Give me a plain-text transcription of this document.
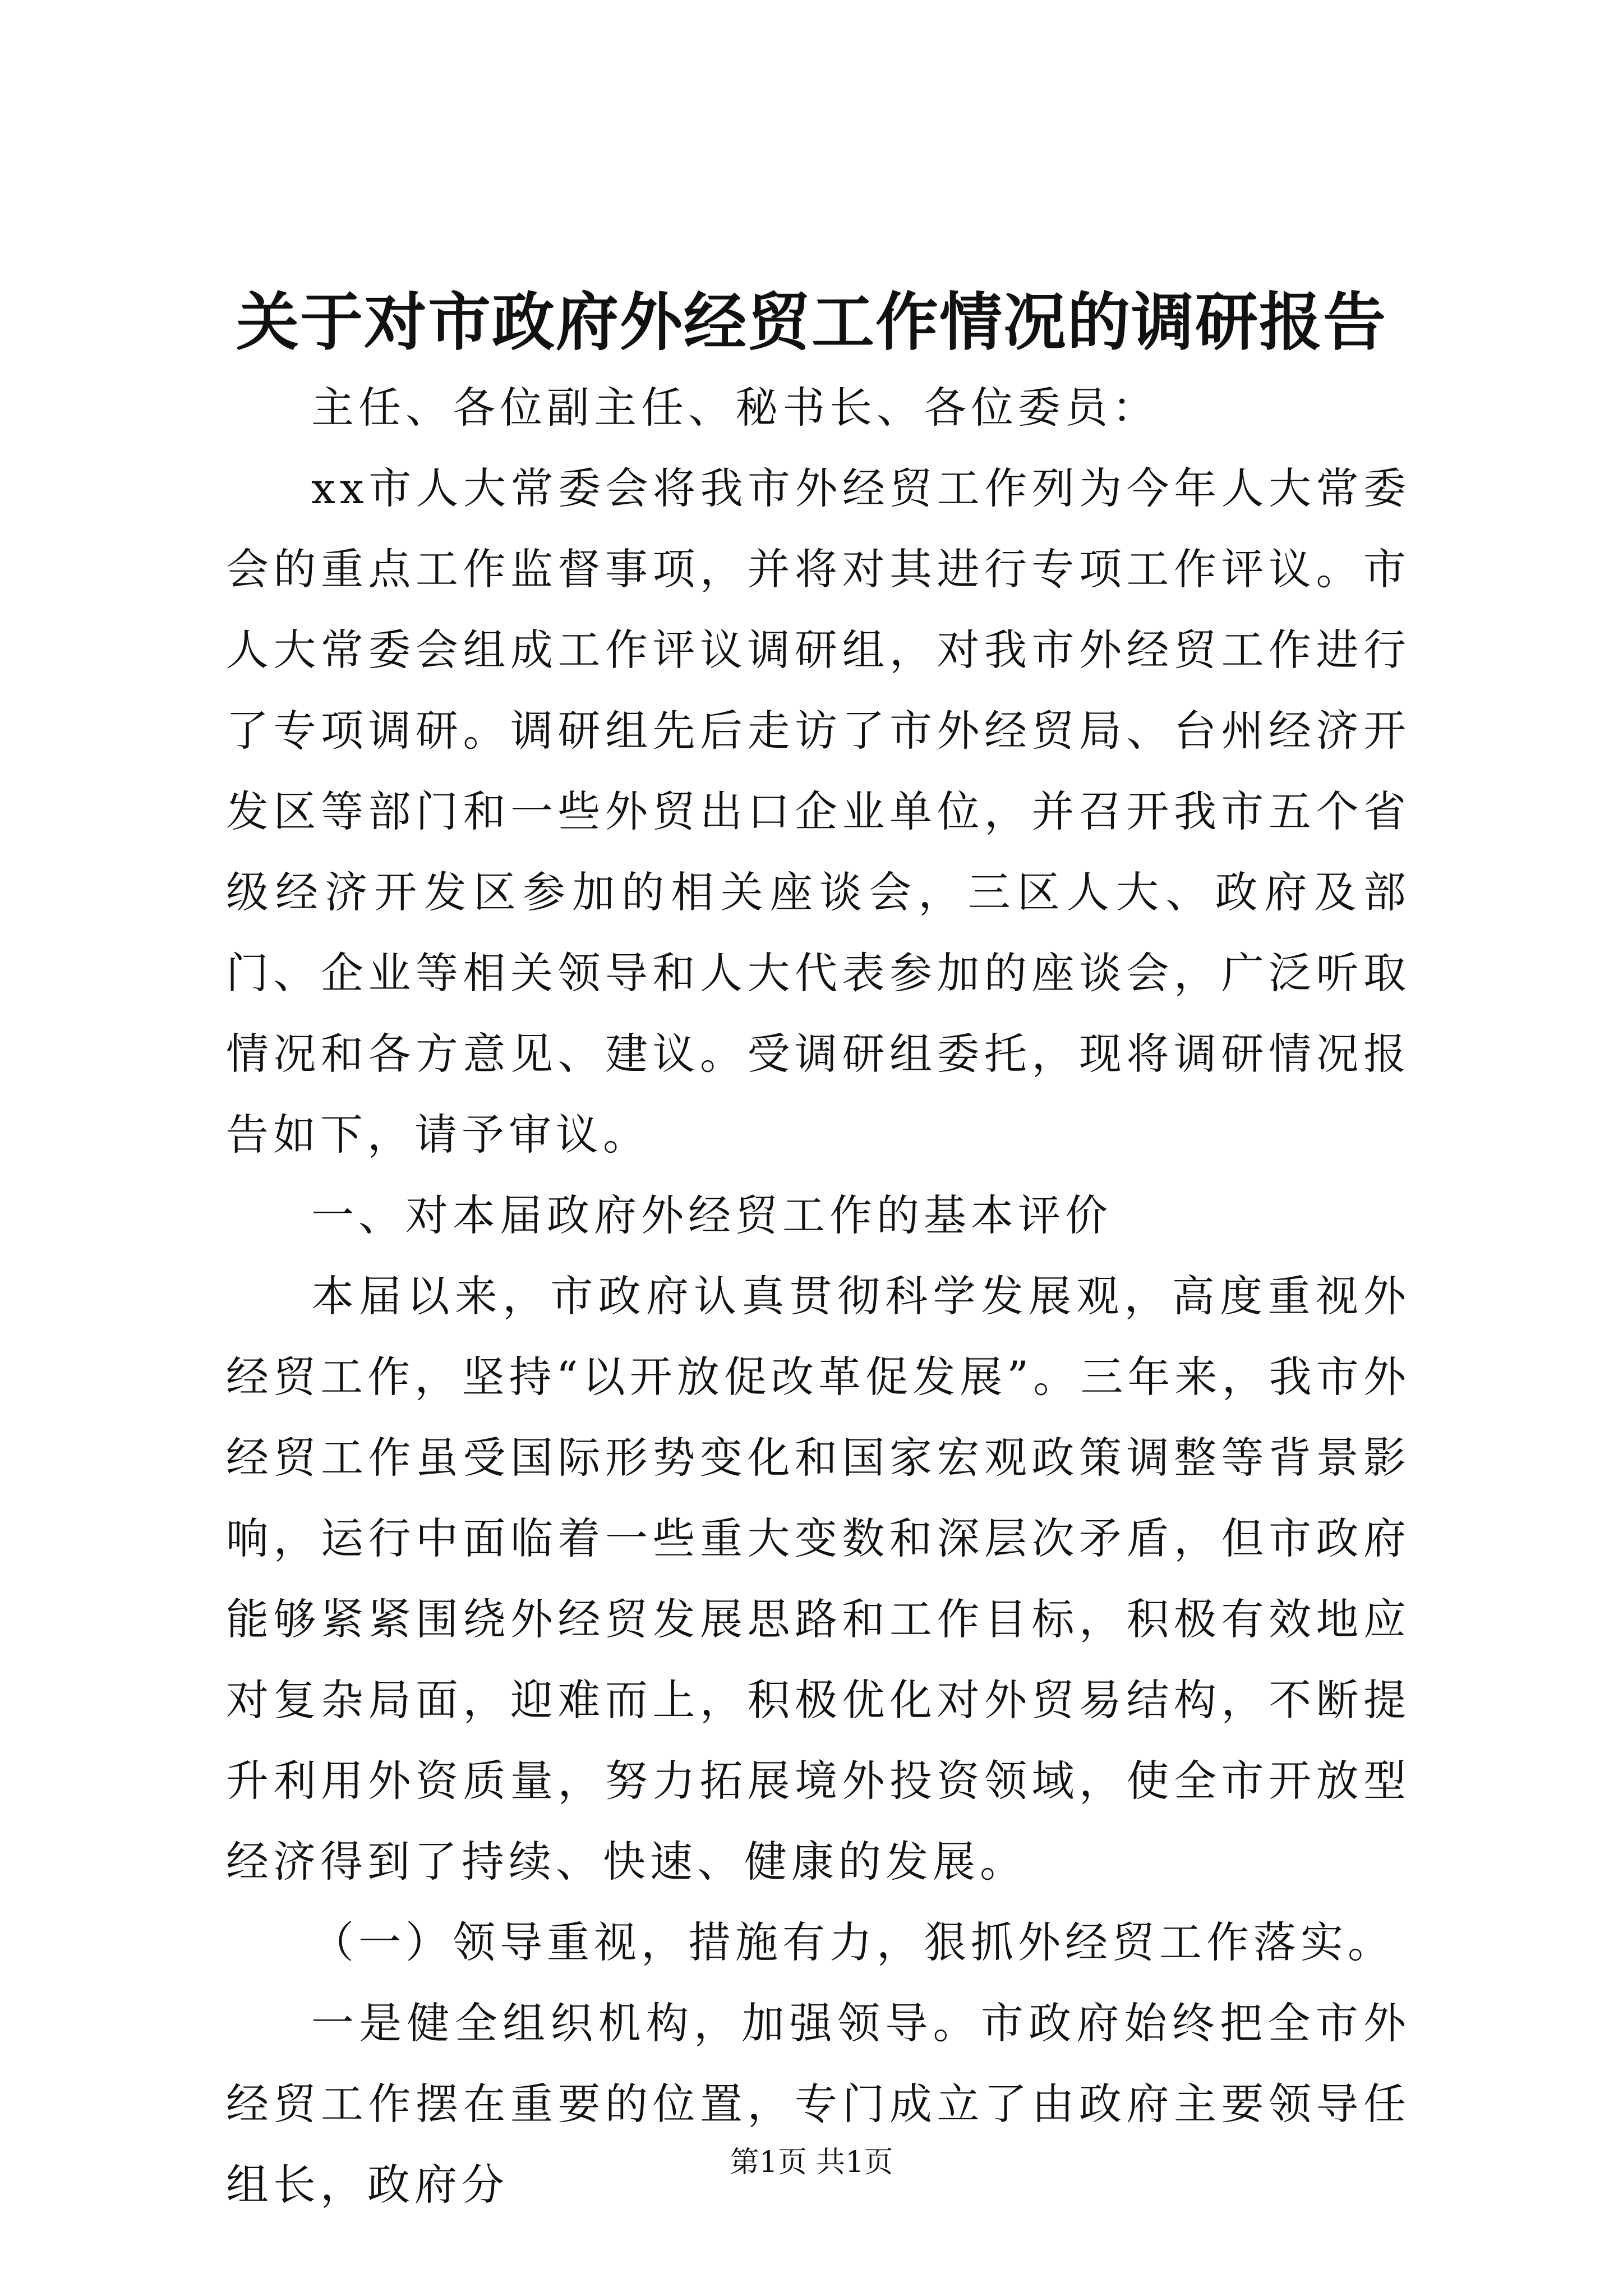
关于对市政府外经贸工作情况的调研报告

主任、各位副主任、秘书长、各位委员：

xx市人大常委会将我市外经贸工作列为今年人大常委会的重点工作监督事项，并将对其进行专项工作评议。市人大常委会组成工作评议调研组，对我市外经贸工作进行了专项调研。调研组先后走访了市外经贸局、台州经济开发区等部门和一些外贸出口企业单位，并召开我市五个省级经济开发区参加的相关座谈会，三区人大、政府及部门、企业等相关领导和人大代表参加的座谈会，广泛听取情况和各方意见、建议。受调研组委托，现将调研情况报告如下，请予审议。

一、对本届政府外经贸工作的基本评价

本届以来，市政府认真贯彻科学发展观，高度重视外经贸工作，坚持“以开放促改革促发展”。三年来，我市外经贸工作虽受国际形势变化和国家宏观政策调整等背景影响，运行中面临着一些重大变数和深层次矛盾，但市政府能够紧紧围绕外经贸发展思路和工作目标，积极有效地应对复杂局面，迎难而上，积极优化对外贸易结构，不断提升利用外资质量，努力拓展境外投资领域，使全市开放型经济得到了持续、快速、健康的发展。

（一）领导重视，措施有力，狠抓外经贸工作落实。

一是健全组织机构，加强领导。市政府始终把全市外经贸工作摆在重要的位置，专门成立了由政府主要领导任组长，政府分	第1页 共1页
